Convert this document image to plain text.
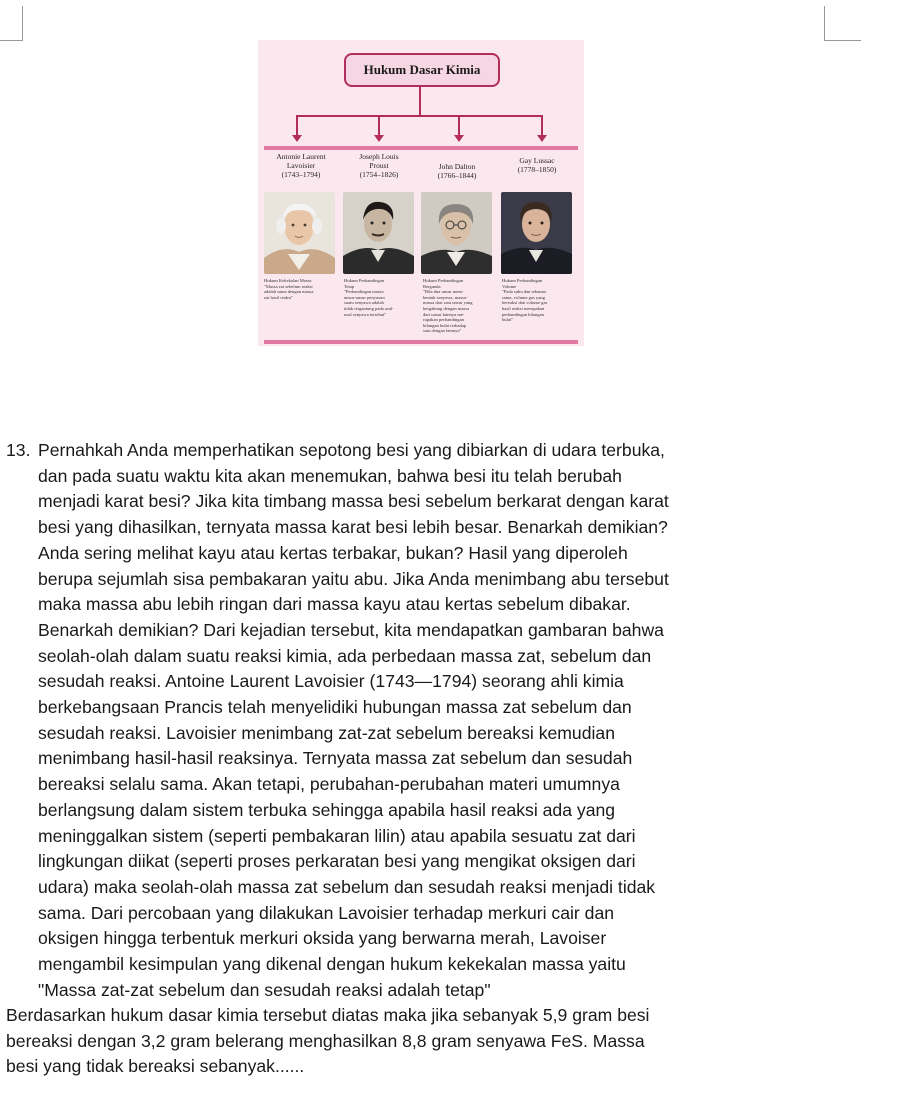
Hukum Dasar Kimia
Antonie Laurent
Lavoisier
(1743–1794)
Joseph Louis
Proust
(1754–1826)
John Dalton
(1766–1844)
Gay Lussac
(1778–1850)
Hukum Kekekalan Massa
"Massa zat sebelum reaksi
adalah sama dengan massa
zat hasil reaksi"
Hukum Perbandingan
Tetap
"Perbandingan massa
unsur-unsur penyusun
suatu senyawa adalah
tidak tergantung pada asal-
usul senyawa tersebut"
Hukum Perbandingan
Berganda
"Bila dua unsur mem-
bentuk senyawa, massa-
massa dari satu unsur yang
bergabung dengan massa
dari unsur lainnya me-
rupakan perbandingan
bilangan bulat terhadap
satu dengan lainnya"
Hukum Perbandingan
Volume
"Pada suhu dan tekanan
sama, volume gas yang
bereaksi dan volume gas
hasil reaksi merupakan
perbandingan bilangan
bulat"
13. Pernahkah Anda memperhatikan sepotong besi yang dibiarkan di udara terbuka,
dan pada suatu waktu kita akan menemukan, bahwa besi itu telah berubah
menjadi karat besi? Jika kita timbang massa besi sebelum berkarat dengan karat
besi yang dihasilkan, ternyata massa karat besi lebih besar. Benarkah demikian?
Anda sering melihat kayu atau kertas terbakar, bukan? Hasil yang diperoleh
berupa sejumlah sisa pembakaran yaitu abu. Jika Anda menimbang abu tersebut
maka massa abu lebih ringan dari massa kayu atau kertas sebelum dibakar.
Benarkah demikian? Dari kejadian tersebut, kita mendapatkan gambaran bahwa
seolah-olah dalam suatu reaksi kimia, ada perbedaan massa zat, sebelum dan
sesudah reaksi. Antoine Laurent Lavoisier (1743—1794) seorang ahli kimia
berkebangsaan Prancis telah menyelidiki hubungan massa zat sebelum dan
sesudah reaksi. Lavoisier menimbang zat-zat sebelum bereaksi kemudian
menimbang hasil-hasil reaksinya. Ternyata massa zat sebelum dan sesudah
bereaksi selalu sama. Akan tetapi, perubahan-perubahan materi umumnya
berlangsung dalam sistem terbuka sehingga apabila hasil reaksi ada yang
meninggalkan sistem (seperti pembakaran lilin) atau apabila sesuatu zat dari
lingkungan diikat (seperti proses perkaratan besi yang mengikat oksigen dari
udara) maka seolah-olah massa zat sebelum dan sesudah reaksi menjadi tidak
sama. Dari percobaan yang dilakukan Lavoisier terhadap merkuri cair dan
oksigen hingga terbentuk merkuri oksida yang berwarna merah, Lavoiser
mengambil kesimpulan yang dikenal dengan hukum kekekalan massa yaitu
"Massa zat-zat sebelum dan sesudah reaksi adalah tetap"
Berdasarkan hukum dasar kimia tersebut diatas maka jika sebanyak 5,9 gram besi
bereaksi dengan 3,2 gram belerang menghasilkan 8,8 gram senyawa FeS. Massa
besi yang tidak bereaksi sebanyak......
